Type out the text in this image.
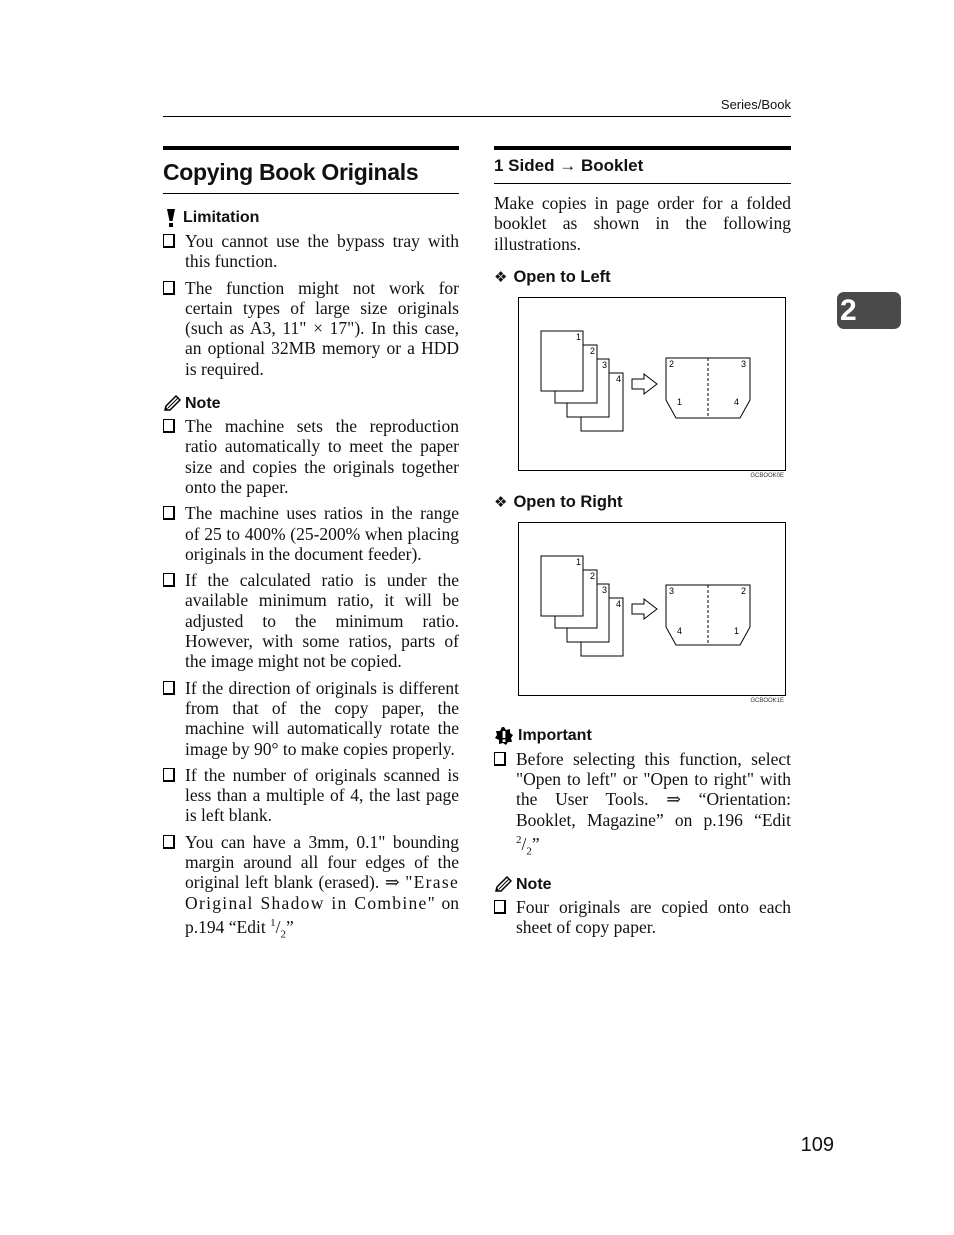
Series/Book
2
Copying Book Originals
Limitation
You cannot use the bypass tray with this function.
The function might not work for certain types of large size originals (such as A3, 11" × 17"). In this case, an optional 32MB memory or a HDD is required.
Note
The machine sets the reproduction ratio automatically to meet the paper size and copies the originals together onto the paper.
The machine uses ratios in the range of 25 to 400% (25-200% when placing originals in the document feeder).
If the calculated ratio is under the available minimum ratio, it will be adjusted to the minimum ratio. However, with some ratios, parts of the image might not be copied.
If the direction of originals is different from that of the copy paper, the machine will automatically rotate the image by 90° to make copies properly.
If the number of originals scanned is less than a multiple of 4, the last page is left blank.
You can have a 3mm, 0.1" bounding margin around all four edges of the original left blank (erased). ⇒ "Erase Original Shadow in Combine" on p.194 “Edit $^1/_2$”
1 Sided → Booklet
Make copies in page order for a folded booklet as shown in the following illustrations.
❖ Open to Left
1
2
3
4
2	3
1	4
GCBOOK0E
❖ Open to Right
1
2
3
4
3	2
4	1
GCBOOK1E
Important
Before selecting this function, select "Open to left" or "Open to right" with the User Tools. ⇒ “Orientation: Booklet, Magazine” on p.196 “Edit $^2/_2$”
Note
Four originals are copied onto each sheet of copy paper.
109
